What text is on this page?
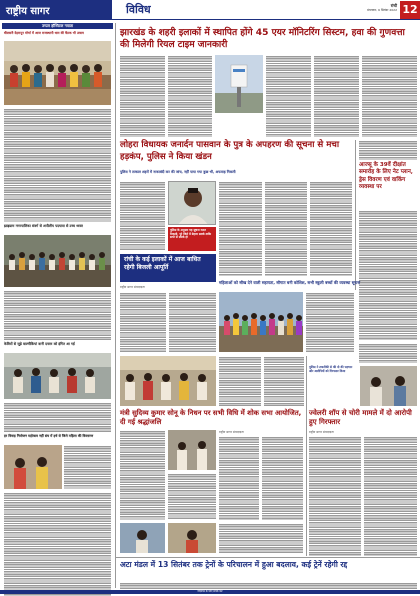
राष्ट्रीय सागर	विविध	रांची
मंगलवार, 6 सितंबर 2022 12
उप्पल हॉस्पिटल नवाता
बीलसरी देहरादून मोर्चा में आज राजस्थानी धाम की बैठक भी उत्सव
झाड़ग्राम नगरपालिका संवर्ग से अपीलीय पदयात्रा से उच्च ध्वस्त
केवियों से जुड़े बाल्मीकियां वानी दफ्तर को इंगित आ गई
हर विवाह नियोजन महोत्सव नहीं संघ में हर्ष से जिले महिला की विस्तारण
झारखंड के शहरी इलाकों में स्थापित होंगे 45 एयर मॉनिटरिंग सिस्टम, हवा की गुणवत्ता की मिलेगी रियल टाइम जानकारी
लोहरा विधायक जनार्दन पासवान के पुत्र के अपहरण की सूचना से मचा हड़कंप, पुलिस ने किया खंडन
पुलिस ने तत्काल शहरों में नाकाबंदी कर की जांच, नहीं पाया गया कुछ भी, अफवाह निकली
पुलिस के अनुसार यह सूचना गलत निकली, पूरे जिले में बेहतर सतर्क ताकि सभी से संपर्क हो
आज्सू के 39वें दीक्षांत समारोह के लिए नेट प्लान, ड्रेस विवरण एवं वाकिंग व्यवस्था पर
रांची के कई इलाकों में आज बाधित रहेगी बिजली आपूर्ति
राष्ट्रीय सागर संवाददाता
महिलाओं को सीख देने वाली सहायता, सौगात बनी कोशिश, सभी स्कूली बच्चों की व्यवस्था सूचना
मंत्री सुदिव्य कुमार सोनू के निधन पर सभी विधि में शोक सभा आयोजित, दी गई श्रद्धांजलि
पुलिस ने तकनीकी से की दो की पहचान और आरोपियों को गिरफ्तार किया
ज्वेलरी शॉप से चोरी मामले में दो आरोपी हुए गिरफ्तार
राष्ट्रीय सागर संवाददाता	राष्ट्रीय सागर संवाददाता
अटा मंडल में 13 सितंबर तक ट्रेनों के परिचालन में हुआ बदलाव, कई ट्रेनें रहेगी रद्द
विज्ञापन के लिए संपर्क करें
